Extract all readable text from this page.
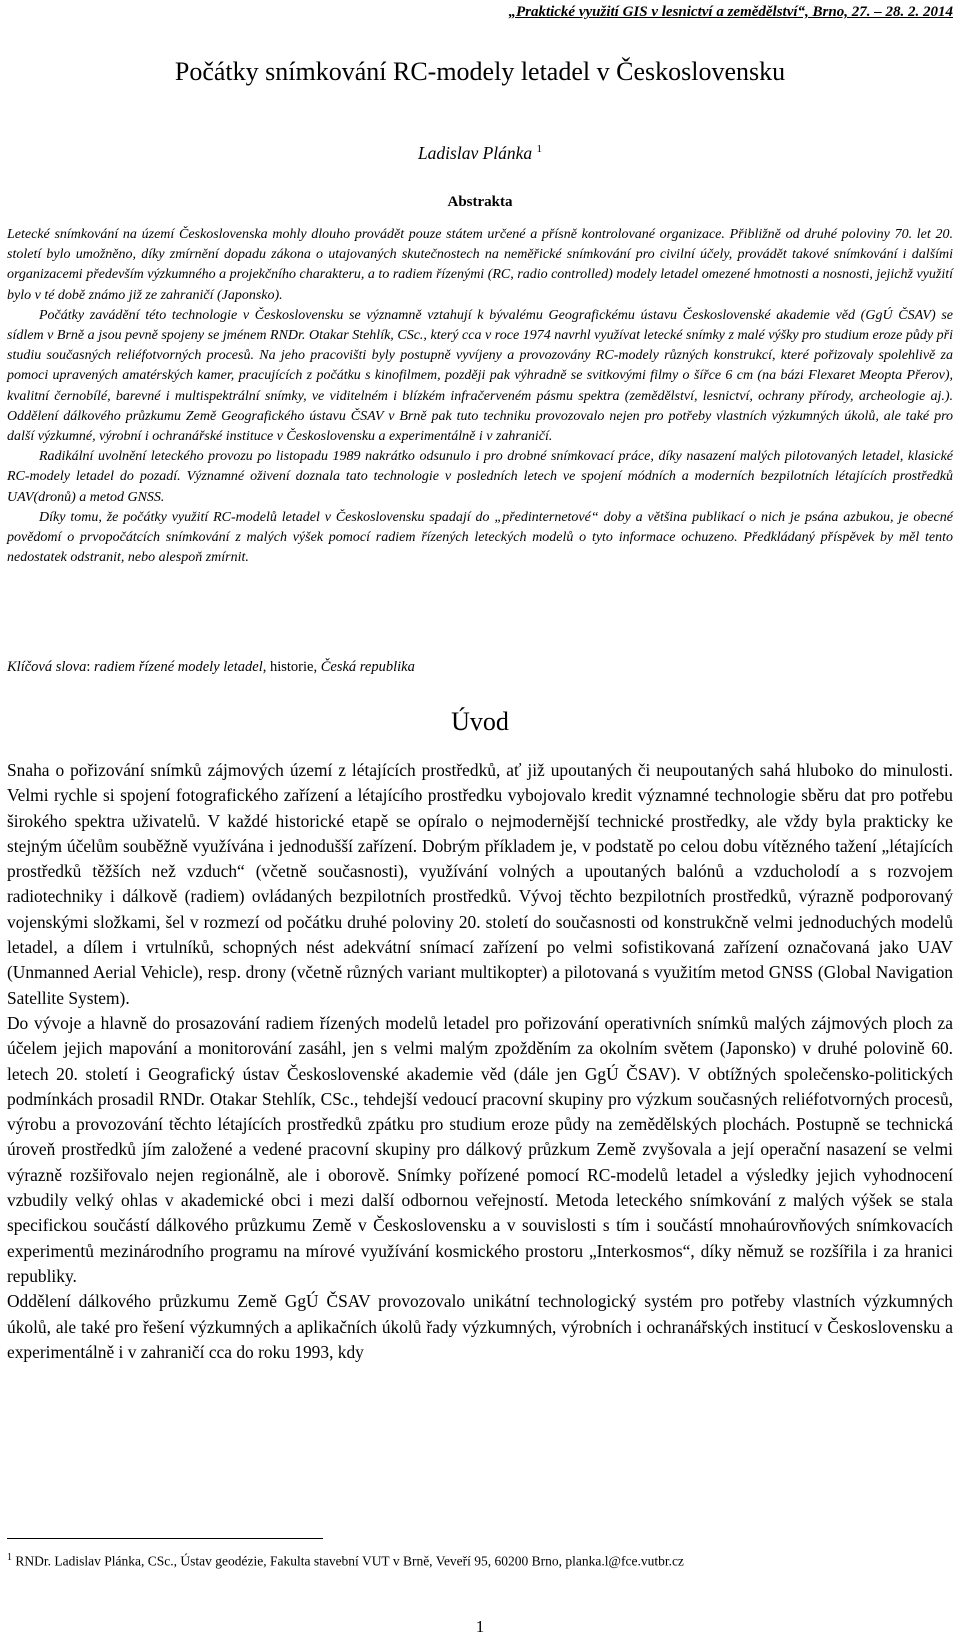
„Praktické využití GIS v lesnictví a zemědělství“, Brno, 27. – 28. 2. 2014
Počátky snímkování RC-modely letadel v Československu
Ladislav Plánka $^1$
Abstrakta

Letecké snímkování na území Československa mohly dlouho provádět pouze státem určené a přísně kontrolované organizace. Přibližně od druhé poloviny 70. let 20. století bylo umožněno, díky zmírnění dopadu zákona o utajovaných skutečnostech na neměřické snímkování pro civilní účely, provádět takové snímkování i dalšími organizacemi především výzkumného a projekčního charakteru, a to radiem řízenými (RC, radio controlled) modely letadel omezené hmotnosti a nosnosti, jejichž využití bylo v té době známo již ze zahraničí (Japonsko).

Počátky zavádění této technologie v Československu se významně vztahují k bývalému Geografickému ústavu Československé akademie věd (GgÚ ČSAV) se sídlem v Brně a jsou pevně spojeny se jménem RNDr. Otakar Stehlík, CSc., který cca v roce 1974 navrhl využívat letecké snímky z malé výšky pro studium eroze půdy při studiu současných reliéfotvorných procesů. Na jeho pracovišti byly postupně vyvíjeny a provozovány RC-modely různých konstrukcí, které pořizovaly spolehlivě za pomoci upravených amatérských kamer, pracujících z počátku s kinofilmem, později pak výhradně se svitkovými filmy o šířce 6 cm (na bázi Flexaret Meopta Přerov), kvalitní černobílé, barevné i multispektrální snímky, ve viditelném i blízkém infračerveném pásmu spektra (zemědělství, lesnictví, ochrany přírody, archeologie aj.). Oddělení dálkového průzkumu Země Geografického ústavu ČSAV v Brně pak tuto techniku provozovalo nejen pro potřeby vlastních výzkumných úkolů, ale také pro další výzkumné, výrobní i ochranářské instituce v Československu a experimentálně i v zahraničí.

Radikální uvolnění leteckého provozu po listopadu 1989 nakrátko odsunulo i pro drobné snímkovací práce, díky nasazení malých pilotovaných letadel, klasické RC-modely letadel do pozadí. Významné oživení doznala tato technologie v posledních letech ve spojení módních a moderních bezpilotních létajících prostředků UAV(dronů) a metod GNSS.

Díky tomu, že počátky využití RC-modelů letadel v Československu spadají do „předinternetové“ doby a většina publikací o nich je psána azbukou, je obecné povědomí o prvopočátcích snímkování z malých výšek pomocí radiem řízených leteckých modelů o tyto informace ochuzeno. Předkládaný příspěvek by měl tento nedostatek odstranit, nebo alespoň zmírnit.

Klíčová slova: radiem řízené modely letadel, historie, Česká republika
Úvod

Snaha o pořizování snímků zájmových území z létajících prostředků, ať již upoutaných či neupoutaných sahá hluboko do minulosti. Velmi rychle si spojení fotografického zařízení a létajícího prostředku vybojovalo kredit významné technologie sběru dat pro potřebu širokého spektra uživatelů. V každé historické etapě se opíralo o nejmodernější technické prostředky, ale vždy byla prakticky ke stejným účelům souběžně využívána i jednodušší zařízení. Dobrým příkladem je, v podstatě po celou dobu vítězného tažení „létajících prostředků těžších než vzduch“ (včetně současnosti), využívání volných a upoutaných balónů a vzducholodí a s rozvojem radiotechniky i dálkově (radiem) ovládaných bezpilotních prostředků. Vývoj těchto bezpilotních prostředků, výrazně podporovaný vojenskými složkami, šel v rozmezí od počátku druhé poloviny 20. století do současnosti od konstrukčně velmi jednoduchých modelů letadel, a dílem i vrtulníků, schopných nést adekvátní snímací zařízení po velmi sofistikovaná zařízení označovaná jako UAV (Unmanned Aerial Vehicle), resp. drony (včetně různých variant multikopter) a pilotovaná s využitím metod GNSS (Global Navigation Satellite System).

Do vývoje a hlavně do prosazování radiem řízených modelů letadel pro pořizování operativních snímků malých zájmových ploch za účelem jejich mapování a monitorování zasáhl, jen s velmi malým zpožděním za okolním světem (Japonsko) v druhé polovině 60. letech 20. století i Geografický ústav Československé akademie věd (dále jen GgÚ ČSAV). V obtížných společensko-politických podmínkách prosadil RNDr. Otakar Stehlík, CSc., tehdejší vedoucí pracovní skupiny pro výzkum současných reliéfotvorných procesů, výrobu a provozování těchto létajících prostředků zpátku pro studium eroze půdy na zemědělských plochách. Postupně se technická úroveň prostředků jím založené a vedené pracovní skupiny pro dálkový průzkum Země zvyšovala a její operační nasazení se velmi výrazně rozšiřovalo nejen regionálně, ale i oborově. Snímky pořízené pomocí RC-modelů letadel a výsledky jejich vyhodnocení vzbudily velký ohlas v akademické obci i mezi další odbornou veřejností. Metoda leteckého snímkování z malých výšek se stala specifickou součástí dálkového průzkumu Země v Československu a v souvislosti s tím i součástí mnohaúrovňových snímkovacích experimentů mezinárodního programu na mírové využívání kosmického prostoru „Interkosmos“, díky němuž se rozšířila i za hranici republiky.

Oddělení dálkového průzkumu Země GgÚ ČSAV provozovalo unikátní technologický systém pro potřeby vlastních výzkumných úkolů, ale také pro řešení výzkumných a aplikačních úkolů řady výzkumných, výrobních i ochranářských institucí v Československu a experimentálně i v zahraničí cca do roku 1993, kdy

$^1$ RNDr. Ladislav Plánka, CSc., Ústav geodézie, Fakulta stavební VUT v Brně, Veveří 95, 60200 Brno, planka.l@fce.vutbr.cz
1
